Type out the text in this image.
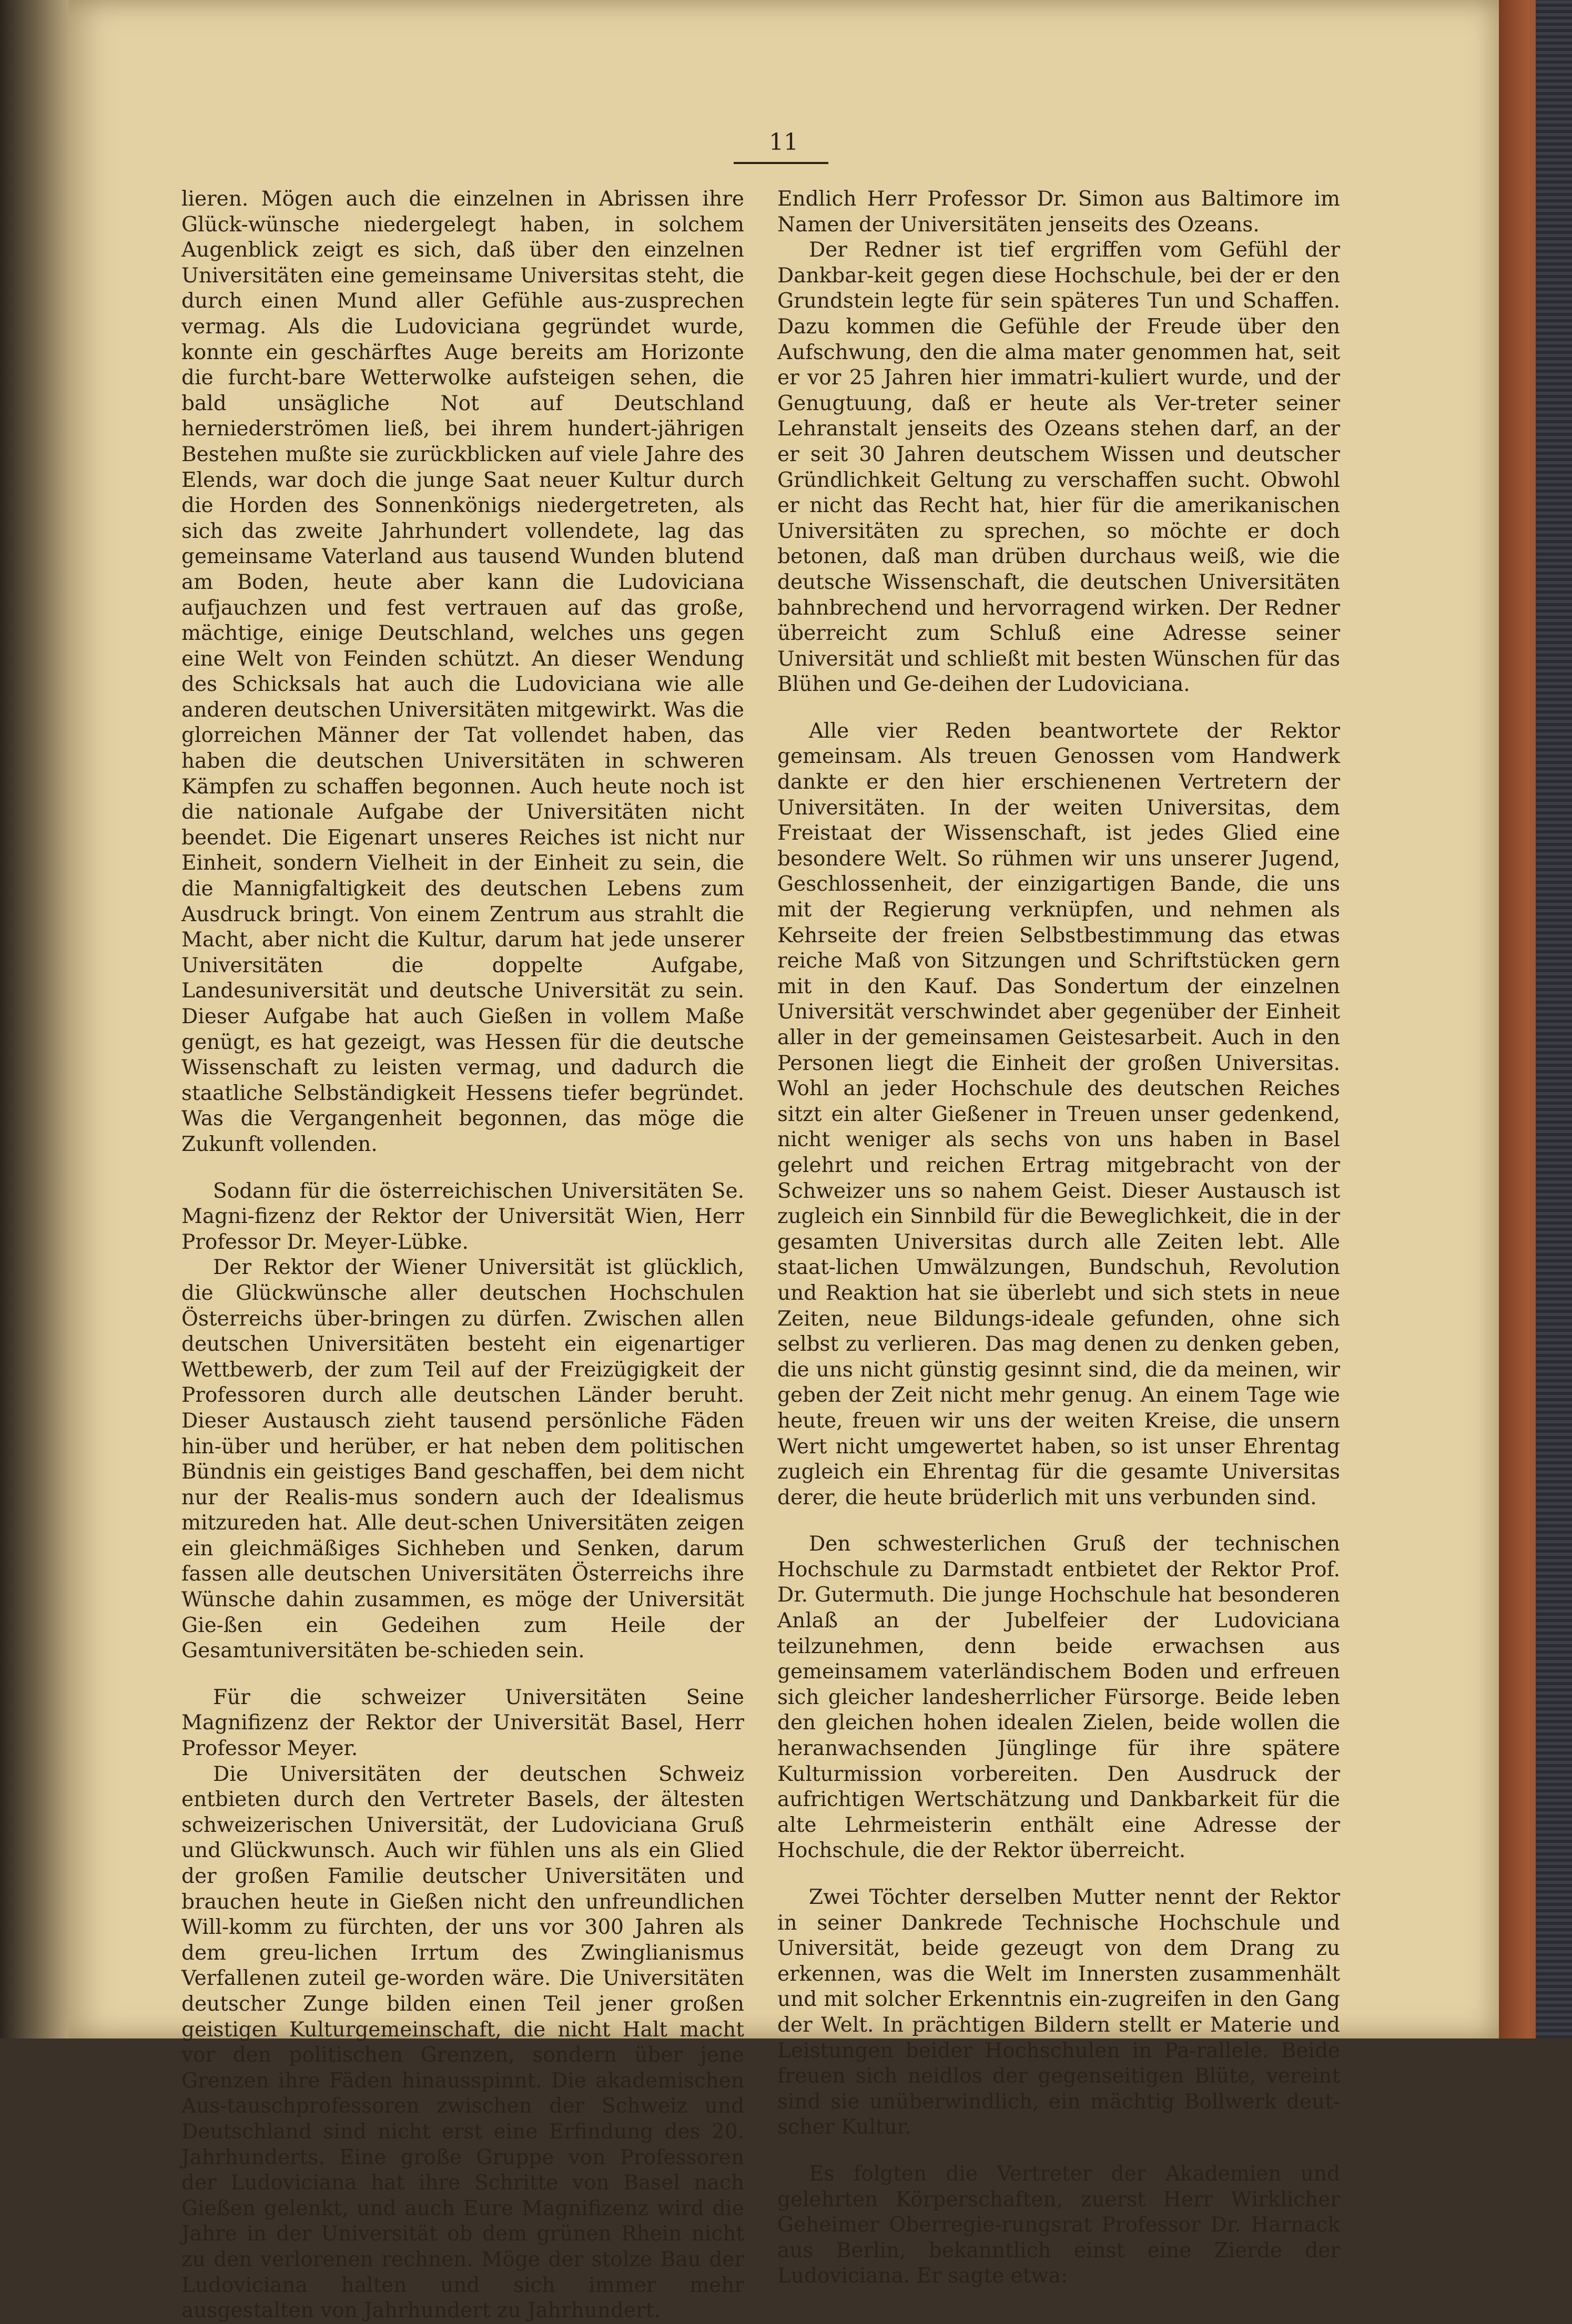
11

lieren. Mögen auch die einzelnen in Abrissen ihre Glück-wünsche niedergelegt haben, in solchem Augenblick zeigt es sich, daß über den einzelnen Universitäten eine gemeinsame Universitas steht, die durch einen Mund aller Gefühle aus-zusprechen vermag. Als die Ludoviciana gegründet wurde, konnte ein geschärftes Auge bereits am Horizonte die furcht-bare Wetterwolke aufsteigen sehen, die bald unsägliche Not auf Deutschland herniederströmen ließ, bei ihrem hundert-jährigen Bestehen mußte sie zurückblicken auf viele Jahre des Elends, war doch die junge Saat neuer Kultur durch die Horden des Sonnenkönigs niedergetreten, als sich das zweite Jahrhundert vollendete, lag das gemeinsame Vaterland aus tausend Wunden blutend am Boden, heute aber kann die Ludoviciana aufjauchzen und fest vertrauen auf das große, mächtige, einige Deutschland, welches uns gegen eine Welt von Feinden schützt. An dieser Wendung des Schicksals hat auch die Ludoviciana wie alle anderen deutschen Universitäten mitgewirkt. Was die glorreichen Männer der Tat vollendet haben, das haben die deutschen Universitäten in schweren Kämpfen zu schaffen begonnen. Auch heute noch ist die nationale Aufgabe der Universitäten nicht beendet. Die Eigenart unseres Reiches ist nicht nur Einheit, sondern Vielheit in der Einheit zu sein, die die Mannigfaltigkeit des deutschen Lebens zum Ausdruck bringt. Von einem Zentrum aus strahlt die Macht, aber nicht die Kultur, darum hat jede unserer Universitäten die doppelte Aufgabe, Landesuniversität und deutsche Universität zu sein. Dieser Aufgabe hat auch Gießen in vollem Maße genügt, es hat gezeigt, was Hessen für die deutsche Wissenschaft zu leisten vermag, und dadurch die staatliche Selbständigkeit Hessens tiefer begründet. Was die Vergangenheit begonnen, das möge die Zukunft vollenden.

Sodann für die österreichischen Universitäten Se. Magni-fizenz der Rektor der Universität Wien, Herr Professor Dr. Meyer-Lübke.

Der Rektor der Wiener Universität ist glücklich, die Glückwünsche aller deutschen Hochschulen Österreichs über-bringen zu dürfen. Zwischen allen deutschen Universitäten besteht ein eigenartiger Wettbewerb, der zum Teil auf der Freizügigkeit der Professoren durch alle deutschen Länder beruht. Dieser Austausch zieht tausend persönliche Fäden hin-über und herüber, er hat neben dem politischen Bündnis ein geistiges Band geschaffen, bei dem nicht nur der Realis-mus sondern auch der Idealismus mitzureden hat. Alle deut-schen Universitäten zeigen ein gleichmäßiges Sichheben und Senken, darum fassen alle deutschen Universitäten Österreichs ihre Wünsche dahin zusammen, es möge der Universität Gie-ßen ein Gedeihen zum Heile der Gesamtuniversitäten be-schieden sein.

Für die schweizer Universitäten Seine Magnifizenz der Rektor der Universität Basel, Herr Professor Meyer.

Die Universitäten der deutschen Schweiz entbieten durch den Vertreter Basels, der ältesten schweizerischen Universität, der Ludoviciana Gruß und Glückwunsch. Auch wir fühlen uns als ein Glied der großen Familie deutscher Universitäten und brauchen heute in Gießen nicht den unfreundlichen Will-komm zu fürchten, der uns vor 300 Jahren als dem greu-lichen Irrtum des Zwinglianismus Verfallenen zuteil ge-worden wäre. Die Universitäten deutscher Zunge bilden einen Teil jener großen geistigen Kulturgemeinschaft, die nicht Halt macht vor den politischen Grenzen, sondern über jene Grenzen ihre Fäden hinausspinnt. Die akademischen Aus-tauschprofessoren zwischen der Schweiz und Deutschland sind nicht erst eine Erfindung des 20. Jahrhunderts. Eine große Gruppe von Professoren der Ludoviciana hat ihre Schritte von Basel nach Gießen gelenkt, und auch Eure Magnifizenz wird die Jahre in der Universität ob dem grünen Rhein nicht zu den verlorenen rechnen. Möge der stolze Bau der Ludoviciana halten und sich immer mehr ausgestalten von Jahrhundert zu Jahrhundert.

Endlich Herr Professor Dr. Simon aus Baltimore im Namen der Universitäten jenseits des Ozeans.

Der Redner ist tief ergriffen vom Gefühl der Dankbar-keit gegen diese Hochschule, bei der er den Grundstein legte für sein späteres Tun und Schaffen. Dazu kommen die Gefühle der Freude über den Aufschwung, den die alma mater genommen hat, seit er vor 25 Jahren hier immatri-kuliert wurde, und der Genugtuung, daß er heute als Ver-treter seiner Lehranstalt jenseits des Ozeans stehen darf, an der er seit 30 Jahren deutschem Wissen und deutscher Gründlichkeit Geltung zu verschaffen sucht. Obwohl er nicht das Recht hat, hier für die amerikanischen Universitäten zu sprechen, so möchte er doch betonen, daß man drüben durchaus weiß, wie die deutsche Wissenschaft, die deutschen Universitäten bahnbrechend und hervorragend wirken. Der Redner überreicht zum Schluß eine Adresse seiner Universität und schließt mit besten Wünschen für das Blühen und Ge-deihen der Ludoviciana.

Alle vier Reden beantwortete der Rektor gemeinsam. Als treuen Genossen vom Handwerk dankte er den hier erschienenen Vertretern der Universitäten. In der weiten Universitas, dem Freistaat der Wissenschaft, ist jedes Glied eine besondere Welt. So rühmen wir uns unserer Jugend, Geschlossenheit, der einzigartigen Bande, die uns mit der Regierung verknüpfen, und nehmen als Kehrseite der freien Selbstbestimmung das etwas reiche Maß von Sitzungen und Schriftstücken gern mit in den Kauf. Das Sondertum der einzelnen Universität verschwindet aber gegenüber der Einheit aller in der gemeinsamen Geistesarbeit. Auch in den Personen liegt die Einheit der großen Universitas. Wohl an jeder Hochschule des deutschen Reiches sitzt ein alter Gießener in Treuen unser gedenkend, nicht weniger als sechs von uns haben in Basel gelehrt und reichen Ertrag mitgebracht von der Schweizer uns so nahem Geist. Dieser Austausch ist zugleich ein Sinnbild für die Beweglichkeit, die in der gesamten Universitas durch alle Zeiten lebt. Alle staat-lichen Umwälzungen, Bundschuh, Revolution und Reaktion hat sie überlebt und sich stets in neue Zeiten, neue Bildungs-ideale gefunden, ohne sich selbst zu verlieren. Das mag denen zu denken geben, die uns nicht günstig gesinnt sind, die da meinen, wir geben der Zeit nicht mehr genug. An einem Tage wie heute, freuen wir uns der weiten Kreise, die unsern Wert nicht umgewertet haben, so ist unser Ehrentag zugleich ein Ehrentag für die gesamte Universitas derer, die heute brüderlich mit uns verbunden sind.

Den schwesterlichen Gruß der technischen Hochschule zu Darmstadt entbietet der Rektor Prof. Dr. Gutermuth. Die junge Hochschule hat besonderen Anlaß an der Jubelfeier der Ludoviciana teilzunehmen, denn beide erwachsen aus gemeinsamem vaterländischem Boden und erfreuen sich gleicher landesherrlicher Fürsorge. Beide leben den gleichen hohen idealen Zielen, beide wollen die heranwachsenden Jünglinge für ihre spätere Kulturmission vorbereiten. Den Ausdruck der aufrichtigen Wertschätzung und Dankbarkeit für die alte Lehrmeisterin enthält eine Adresse der Hochschule, die der Rektor überreicht.

Zwei Töchter derselben Mutter nennt der Rektor in seiner Dankrede Technische Hochschule und Universität, beide gezeugt von dem Drang zu erkennen, was die Welt im Innersten zusammenhält und mit solcher Erkenntnis ein-zugreifen in den Gang der Welt. In prächtigen Bildern stellt er Materie und Leistungen beider Hochschulen in Pa-rallele. Beide freuen sich neidlos der gegenseitigen Blüte, vereint sind sie unüberwindlich, ein mächtig Bollwerk deut-scher Kultur.

Es folgten die Vertreter der Akademien und gelehrten Körperschaften, zuerst Herr Wirklicher Geheimer Oberregie-rungsrat Professor Dr. Harnack aus Berlin, bekanntlich einst eine Zierde der Ludoviciana. Er sagte etwa:
